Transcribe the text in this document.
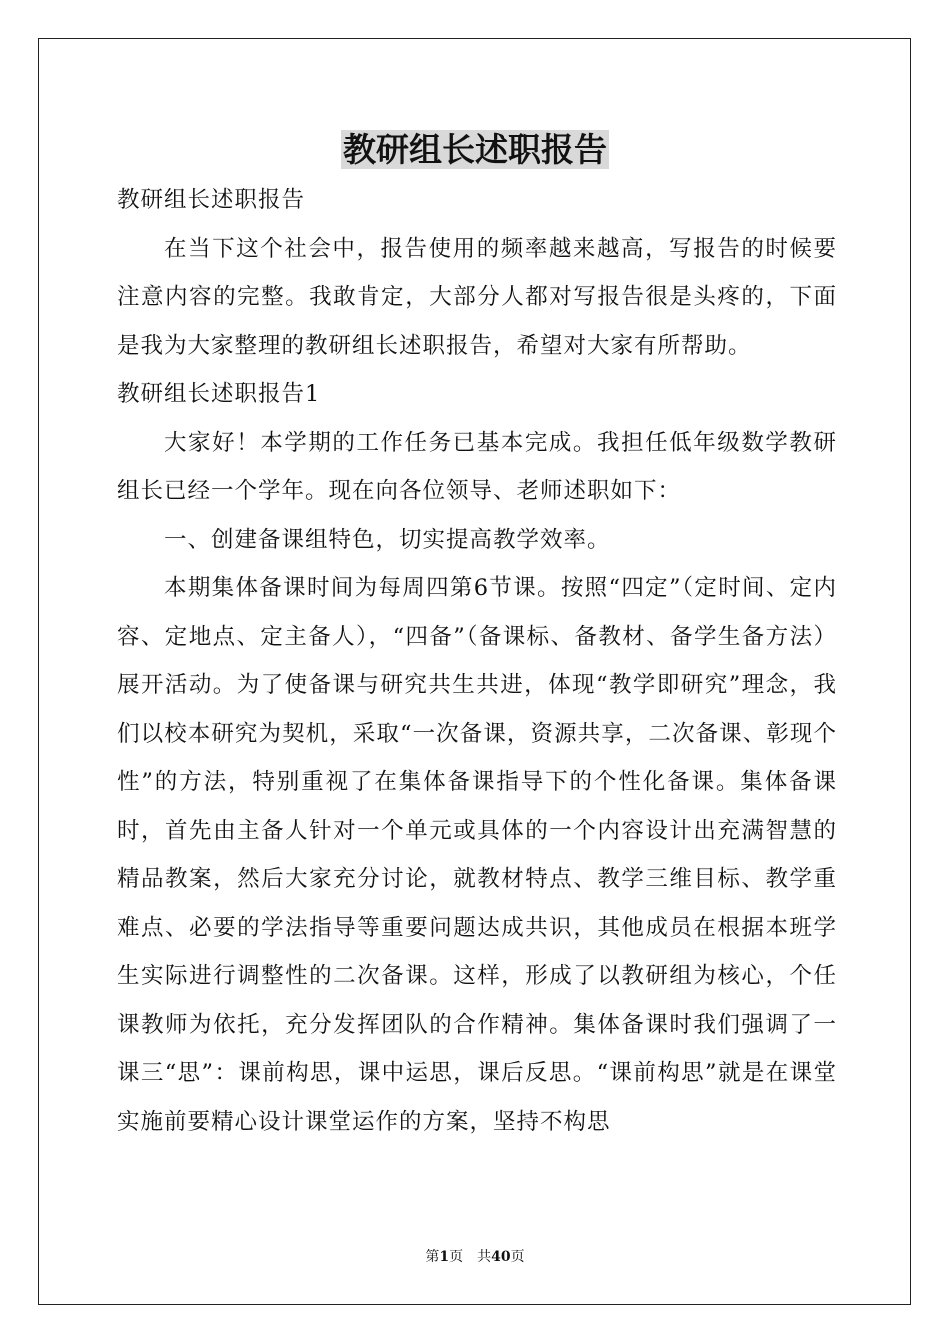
教研组长述职报告

教研组长述职报告

在当下这个社会中，报告使用的频率越来越高，写报告的时候要注意内容的完整。我敢肯定，大部分人都对写报告很是头疼的，下面是我为大家整理的教研组长述职报告，希望对大家有所帮助。

教研组长述职报告1

大家好！本学期的工作任务已基本完成。我担任低年级数学教研组长已经一个学年。现在向各位领导、老师述职如下：

一、创建备课组特色，切实提高教学效率。

本期集体备课时间为每周四第6节课。按照“四定”（定时间、定内容、定地点、定主备人），“四备”（备课标、备教材、备学生备方法）展开活动。为了使备课与研究共生共进，体现“教学即研究”理念，我们以校本研究为契机，采取“一次备课，资源共享，二次备课、彰现个性”的方法，特别重视了在集体备课指导下的个性化备课。集体备课时，首先由主备人针对一个单元或具体的一个内容设计出充满智慧的精品教案，然后大家充分讨论，就教材特点、教学三维目标、教学重难点、必要的学法指导等重要问题达成共识，其他成员在根据本班学生实际进行调整性的二次备课。这样，形成了以教研组为核心，个任课教师为依托，充分发挥团队的合作精神。集体备课时我们强调了一课三“思”：课前构思，课中运思，课后反思。“课前构思”就是在课堂实施前要精心设计课堂运作的方案，坚持不构思

第1页　共40页
